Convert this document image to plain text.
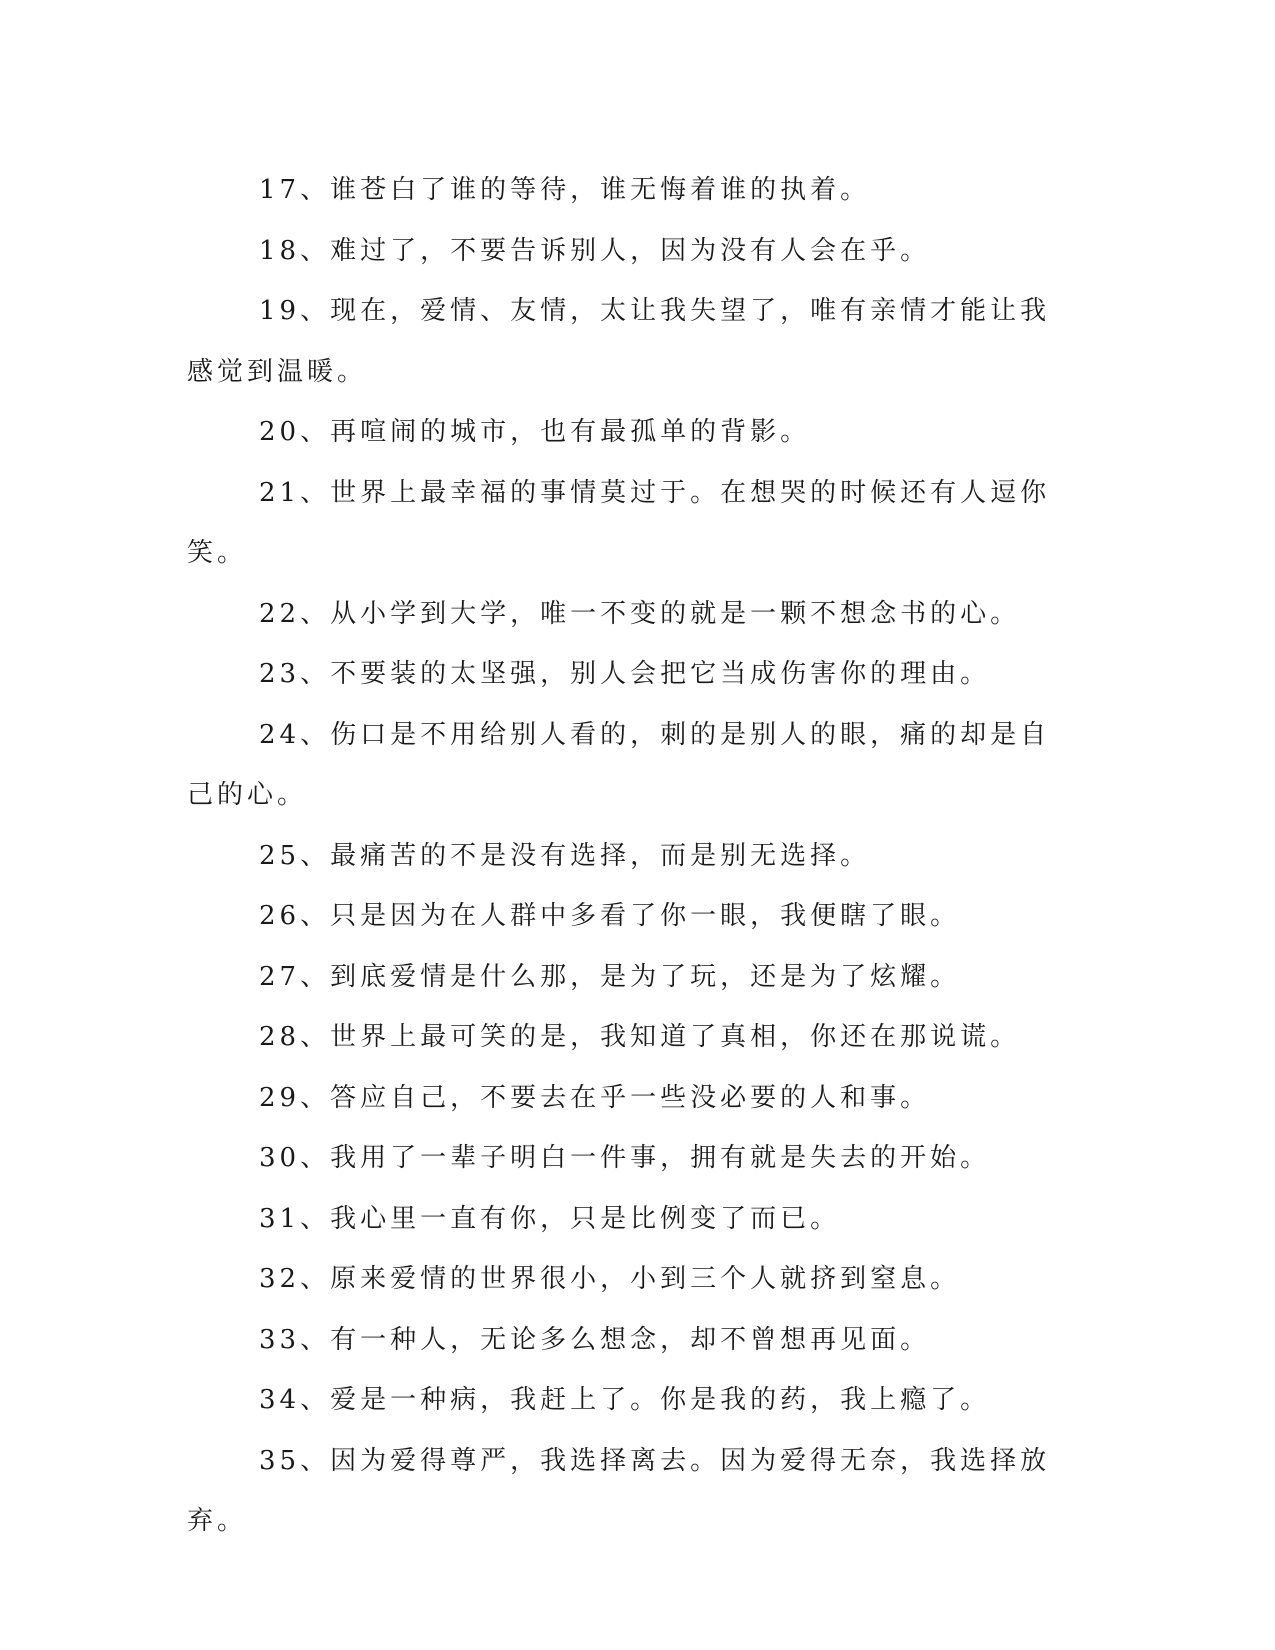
17、谁苍白了谁的等待，谁无悔着谁的执着。

18、难过了，不要告诉别人，因为没有人会在乎。

19、现在，爱情、友情，太让我失望了，唯有亲情才能让我感觉到温暖。

20、再喧闹的城市，也有最孤单的背影。

21、世界上最幸福的事情莫过于。在想哭的时候还有人逗你笑。

22、从小学到大学，唯一不变的就是一颗不想念书的心。

23、不要装的太坚强，别人会把它当成伤害你的理由。

24、伤口是不用给别人看的，刺的是别人的眼，痛的却是自己的心。

25、最痛苦的不是没有选择，而是别无选择。

26、只是因为在人群中多看了你一眼，我便瞎了眼。

27、到底爱情是什么那，是为了玩，还是为了炫耀。

28、世界上最可笑的是，我知道了真相，你还在那说谎。

29、答应自己，不要去在乎一些没必要的人和事。

30、我用了一辈子明白一件事，拥有就是失去的开始。

31、我心里一直有你，只是比例变了而已。

32、原来爱情的世界很小，小到三个人就挤到窒息。

33、有一种人，无论多么想念，却不曾想再见面。

34、爱是一种病，我赶上了。你是我的药，我上瘾了。

35、因为爱得尊严，我选择离去。因为爱得无奈，我选择放弃。
